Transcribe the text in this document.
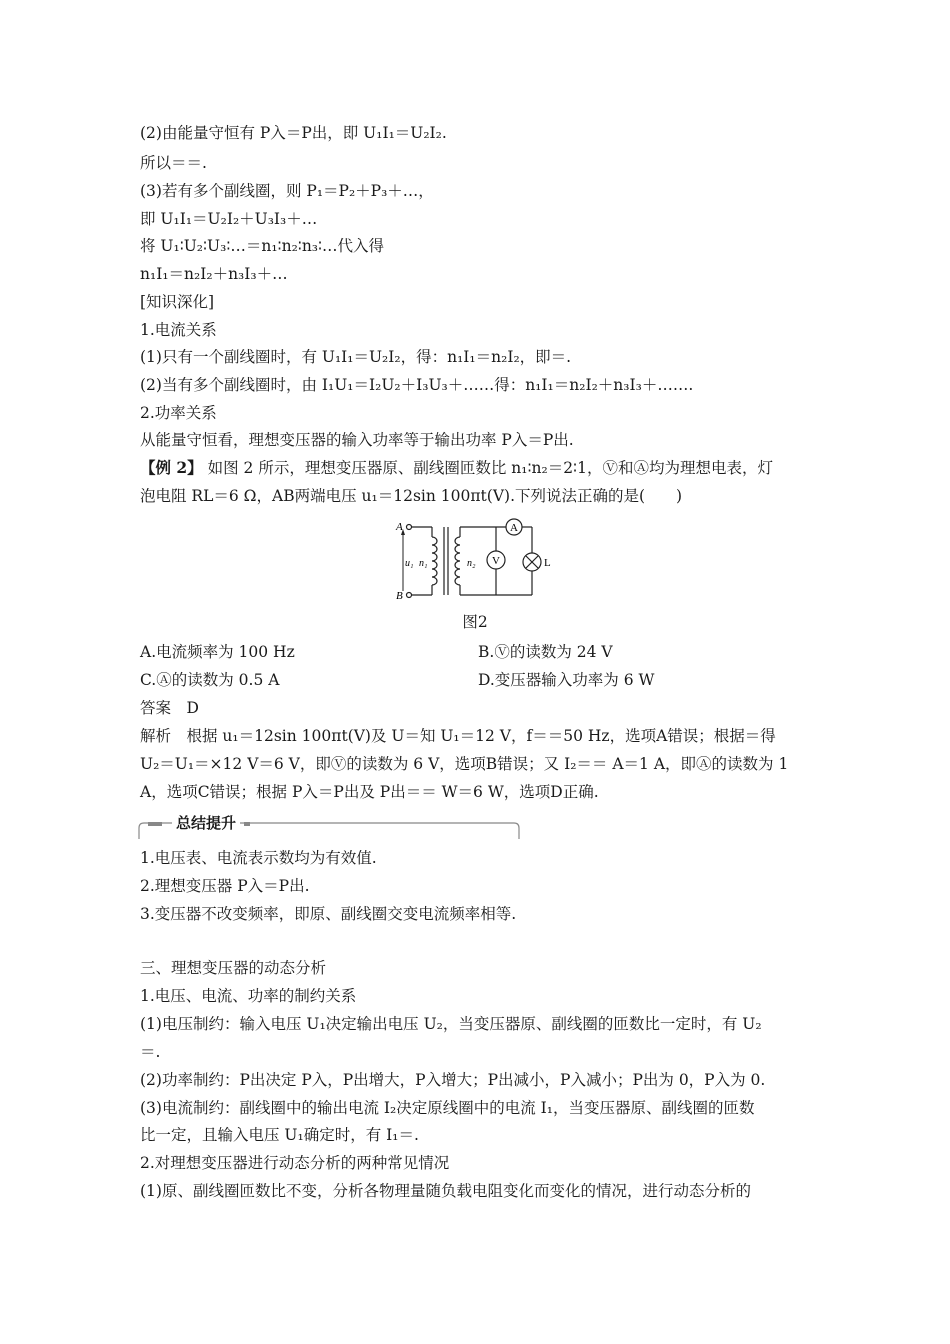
(2)由能量守恒有 P入＝P出，即 U₁I₁＝U₂I₂.
所以＝＝.
(3)若有多个副线圈，则 P₁＝P₂＋P₃＋…，
即 U₁I₁＝U₂I₂＋U₃I₃＋…
将 U₁∶U₂∶U₃∶…＝n₁∶n₂∶n₃∶…代入得
n₁I₁＝n₂I₂＋n₃I₃＋…
[知识深化]
1.电流关系
(1)只有一个副线圈时，有 U₁I₁＝U₂I₂，得：n₁I₁＝n₂I₂，即＝.
(2)当有多个副线圈时，由 I₁U₁＝I₂U₂＋I₃U₃＋……得：n₁I₁＝n₂I₂＋n₃I₃＋…….
2.功率关系
从能量守恒看，理想变压器的输入功率等于输出功率 P入＝P出.
【例 2】 如图 2 所示，理想变压器原、副线圈匝数比 n₁∶n₂＝2∶1，Ⓥ和Ⓐ均为理想电表，灯
泡电阻 RL＝6 Ω，AB两端电压 u₁＝12sin 100πt(V).下列说法正确的是(　　)
A
V
A
B
u₁ n₁	n₂	L
图2
A.电流频率为 100 Hz	B.Ⓥ的读数为 24 V
C.Ⓐ的读数为 0.5 A	D.变压器输入功率为 6 W
答案　D
解析　根据 u₁＝12sin 100πt(V)及 U＝知 U₁＝12 V，f＝＝50 Hz，选项A错误；根据＝得
U₂＝U₁＝×12 V＝6 V，即Ⓥ的读数为 6 V，选项B错误；又 I₂＝＝ A＝1 A，即Ⓐ的读数为 1
A，选项C错误；根据 P入＝P出及 P出＝＝ W＝6 W，选项D正确.
总结提升
1.电压表、电流表示数均为有效值.
2.理想变压器 P入＝P出.
3.变压器不改变频率，即原、副线圈交变电流频率相等.
三、理想变压器的动态分析
1.电压、电流、功率的制约关系
(1)电压制约：输入电压 U₁决定输出电压 U₂，当变压器原、副线圈的匝数比一定时，有 U₂
＝.
(2)功率制约：P出决定 P入，P出增大，P入增大；P出减小，P入减小；P出为 0，P入为 0.
(3)电流制约：副线圈中的输出电流 I₂决定原线圈中的电流 I₁，当变压器原、副线圈的匝数
比一定，且输入电压 U₁确定时，有 I₁＝.
2.对理想变压器进行动态分析的两种常见情况
(1)原、副线圈匝数比不变，分析各物理量随负载电阻变化而变化的情况，进行动态分析的
